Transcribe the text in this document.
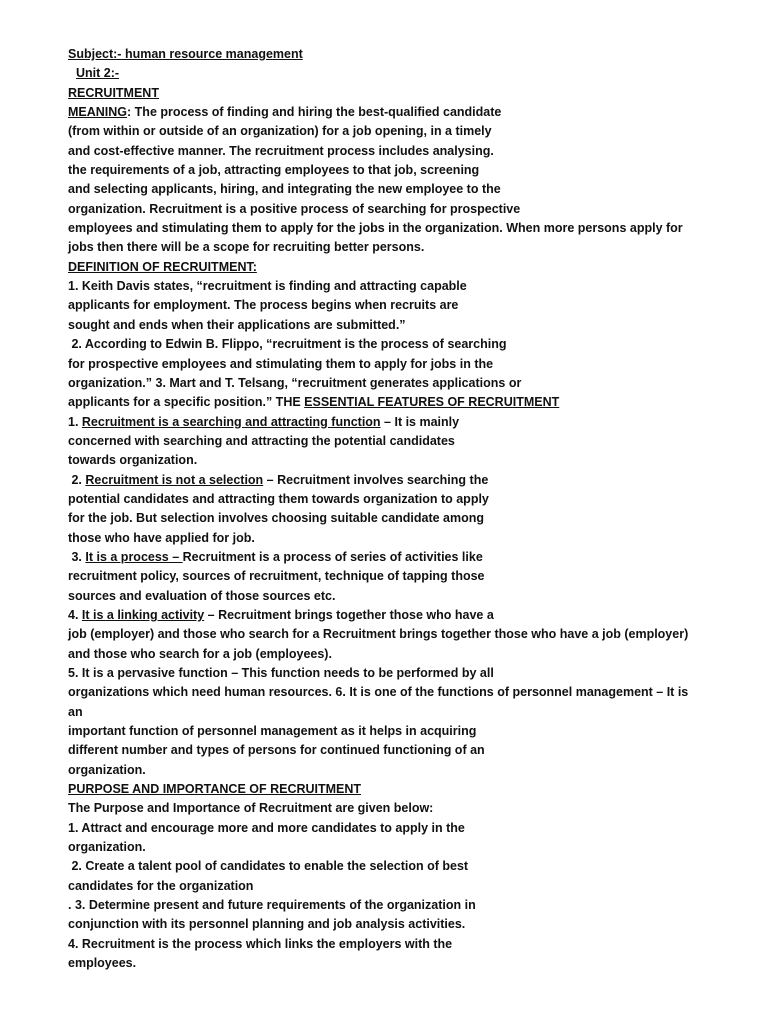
Subject:- human resource management
Unit 2:-
RECRUITMENT
MEANING: The process of finding and hiring the best-qualified candidate
(from within or outside of an organization) for a job opening, in a timely
and cost-effective manner. The recruitment process includes analysing.
the requirements of a job, attracting employees to that job, screening
and selecting applicants, hiring, and integrating the new employee to the
organization. Recruitment is a positive process of searching for prospective
employees and stimulating them to apply for the jobs in the organization. When more persons apply for
jobs then there will be a scope for recruiting better persons.
DEFINITION OF RECRUITMENT:
1. Keith Davis states, “recruitment is finding and attracting capable
applicants for employment. The process begins when recruits are
sought and ends when their applications are submitted.”
2. According to Edwin B. Flippo, “recruitment is the process of searching
for prospective employees and stimulating them to apply for jobs in the
organization.” 3. Mart and T. Telsang, “recruitment generates applications or
applicants for a specific position.” THE ESSENTIAL FEATURES OF RECRUITMENT
1. Recruitment is a searching and attracting function – It is mainly
concerned with searching and attracting the potential candidates
towards organization.
2. Recruitment is not a selection – Recruitment involves searching the
potential candidates and attracting them towards organization to apply
for the job. But selection involves choosing suitable candidate among
those who have applied for job.
3. It is a process – Recruitment is a process of series of activities like
recruitment policy, sources of recruitment, technique of tapping those
sources and evaluation of those sources etc.
4. It is a linking activity – Recruitment brings together those who have a
job (employer) and those who search for a Recruitment brings together those who have a job (employer)
and those who search for a job (employees).
5. It is a pervasive function – This function needs to be performed by all
organizations which need human resources. 6. It is one of the functions of personnel management – It is
an
important function of personnel management as it helps in acquiring
different number and types of persons for continued functioning of an
organization.
PURPOSE AND IMPORTANCE OF RECRUITMENT
The Purpose and Importance of Recruitment are given below:
1. Attract and encourage more and more candidates to apply in the
organization.
2. Create a talent pool of candidates to enable the selection of best
candidates for the organization
. 3. Determine present and future requirements of the organization in
conjunction with its personnel planning and job analysis activities.
4. Recruitment is the process which links the employers with the
employees.
